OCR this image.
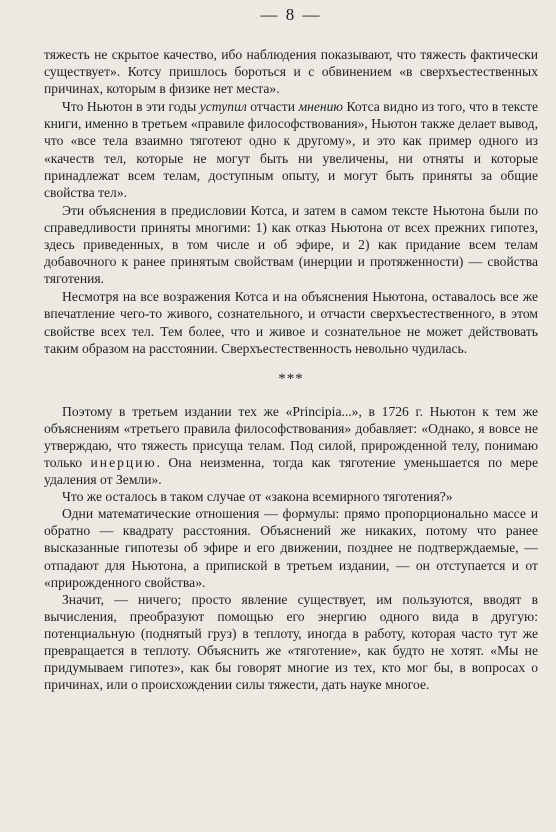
— 8 —

тяжесть не скрытое качество, ибо наблюдения показывают, что тяжесть фактически существует». Котсу пришлось бороться и с обвинением «в сверхъестественных причинах, которым в физике нет места».

Что Ньютон в эти годы уступил отчасти мнению Котса видно из того, что в тексте книги, именно в третьем «правиле философствования», Ньютон также делает вывод, что «все тела взаимно тяготеют одно к другому», и это как пример одного из «качеств тел, которые не могут быть ни увеличены, ни отняты и которые принадлежат всем телам, доступным опыту, и могут быть приняты за общие свойства тел».

Эти объяснения в предисловии Котса, и затем в самом тексте Ньютона были по справедливости приняты многими: 1) как отказ Ньютона от всех прежних гипотез, здесь приведенных, в том числе и об эфире, и 2) как придание всем телам добавочного к ранее принятым свойствам (инерции и протяженности) — свойства тяготения.

Несмотря на все возражения Котса и на объяснения Ньютона, оставалось все же впечатление чего-то живого, сознательного, и отчасти сверхъестественного, в этом свойстве всех тел. Тем более, что и живое и сознательное не может действовать таким образом на расстоянии. Сверхъестественность невольно чудилась.

***

Поэтому в третьем издании тех же «Principia...», в 1726 г. Ньютон к тем же объяснениям «третьего правила философствования» добавляет: «Однако, я вовсе не утверждаю, что тяжесть присуща телам. Под силой, прирожденной телу, понимаю только инерцию. Она неизменна, тогда как тяготение уменьшается по мере удаления от Земли».

Что же осталось в таком случае от «закона всемирного тяготения?»

Одни математические отношения — формулы: прямо пропорционально массе и обратно — квадрату расстояния. Объяснений же никаких, потому что ранее высказанные гипотезы об эфире и его движении, позднее не подтверждаемые, — отпадают для Ньютона, а припиской в третьем издании, — он отступается и от «прирожденного свойства».

Значит, — ничего; просто явление существует, им пользуются, вводят в вычисления, преобразуют помощью его энергию одного вида в другую: потенциальную (поднятый груз) в теплоту, иногда в работу, которая часто тут же превращается в теплоту. Объяснить же «тяготение», как будто не хотят. «Мы не придумываем гипотез», как бы говорят многие из тех, кто мог бы, в вопросах о причинах, или о происхождении силы тяжести, дать науке многое.
